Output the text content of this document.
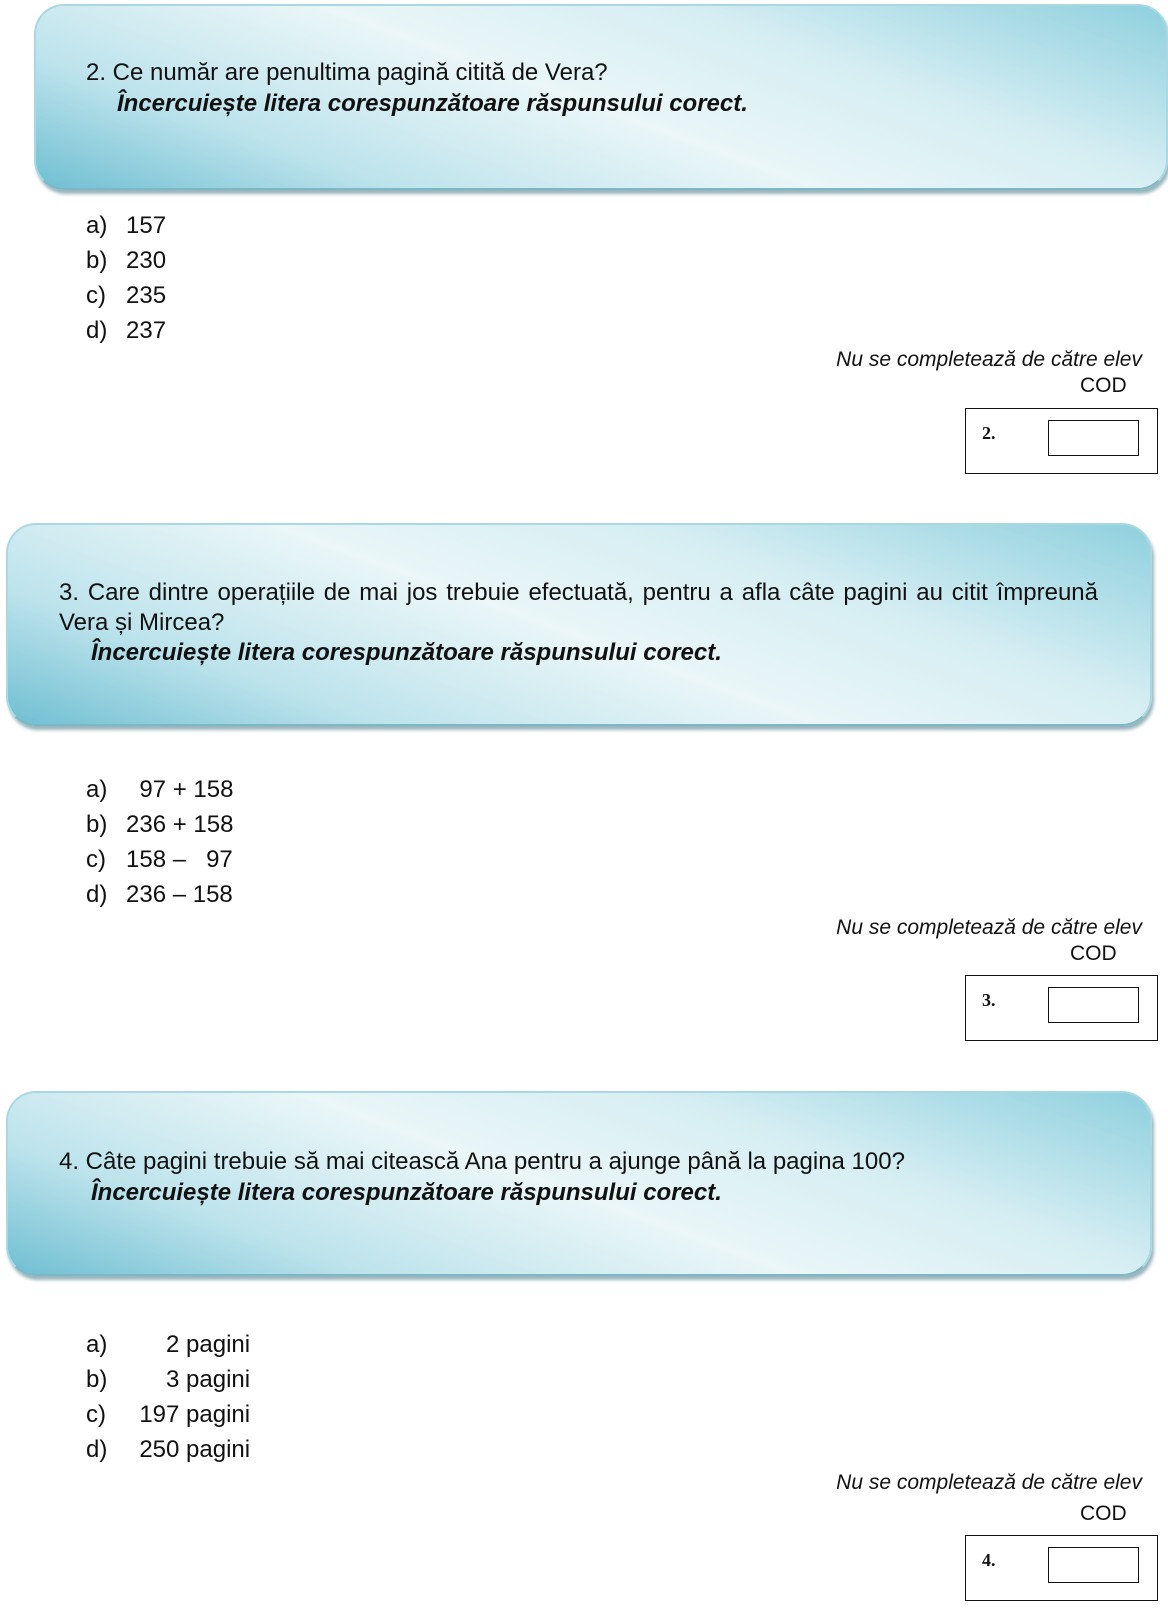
2. Ce număr are penultima pagină citită de Vera?

Încercuiește litera corespunzătoare răspunsului corect.

a) 157
b) 230
c) 235
d) 237
Nu se completează de către elev
COD
2.

3. Care dintre operațiile de mai jos trebuie efectuată, pentru a afla câte pagini au citit împreună Vera și Mircea?

Încercuiește litera corespunzătoare răspunsului corect.

a) 97 + 158
b) 236 + 158
c) 158 –   97
d) 236 – 158
Nu se completează de către elev
COD
3.

4. Câte pagini trebuie să mai citească Ana pentru a ajunge până la pagina 100?

Încercuiește litera corespunzătoare răspunsului corect.

a) 2 pagini
b) 3 pagini
c) 197 pagini
d) 250 pagini
Nu se completează de către elev
COD
4.
